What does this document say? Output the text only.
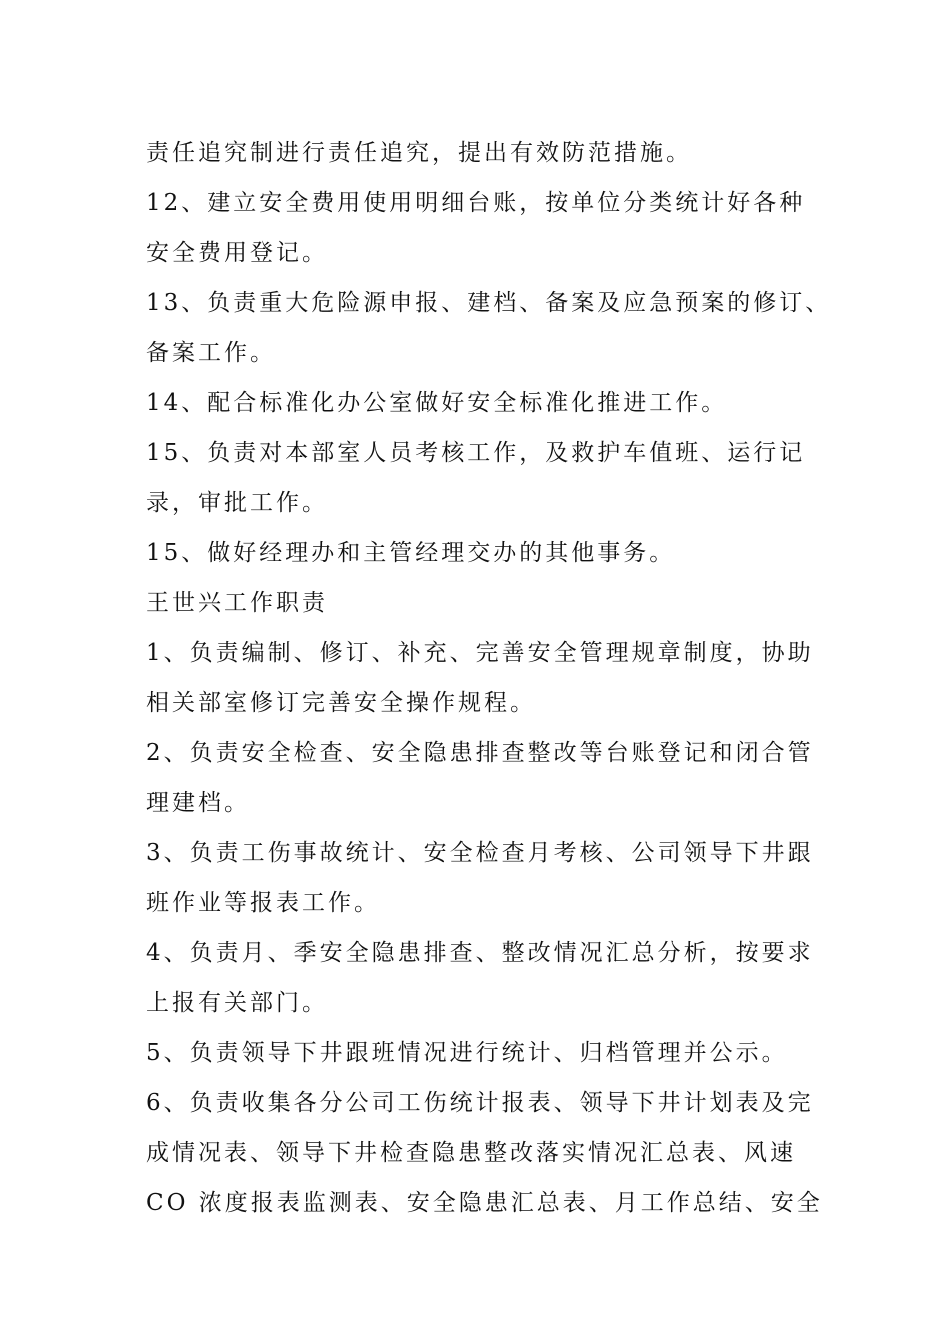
责任追究制进行责任追究，提出有效防范措施。
12、建立安全费用使用明细台账，按单位分类统计好各种
安全费用登记。
13、负责重大危险源申报、建档、备案及应急预案的修订、
备案工作。
14、配合标准化办公室做好安全标准化推进工作。
15、负责对本部室人员考核工作，及救护车值班、运行记
录，审批工作。
15、做好经理办和主管经理交办的其他事务。
王世兴工作职责
1、负责编制、修订、补充、完善安全管理规章制度，协助
相关部室修订完善安全操作规程。
2、负责安全检查、安全隐患排查整改等台账登记和闭合管
理建档。
3、负责工伤事故统计、安全检查月考核、公司领导下井跟
班作业等报表工作。
4、负责月、季安全隐患排查、整改情况汇总分析，按要求
上报有关部门。
5、负责领导下井跟班情况进行统计、归档管理并公示。
6、负责收集各分公司工伤统计报表、领导下井计划表及完
成情况表、领导下井检查隐患整改落实情况汇总表、风速
CO 浓度报表监测表、安全隐患汇总表、月工作总结、安全
